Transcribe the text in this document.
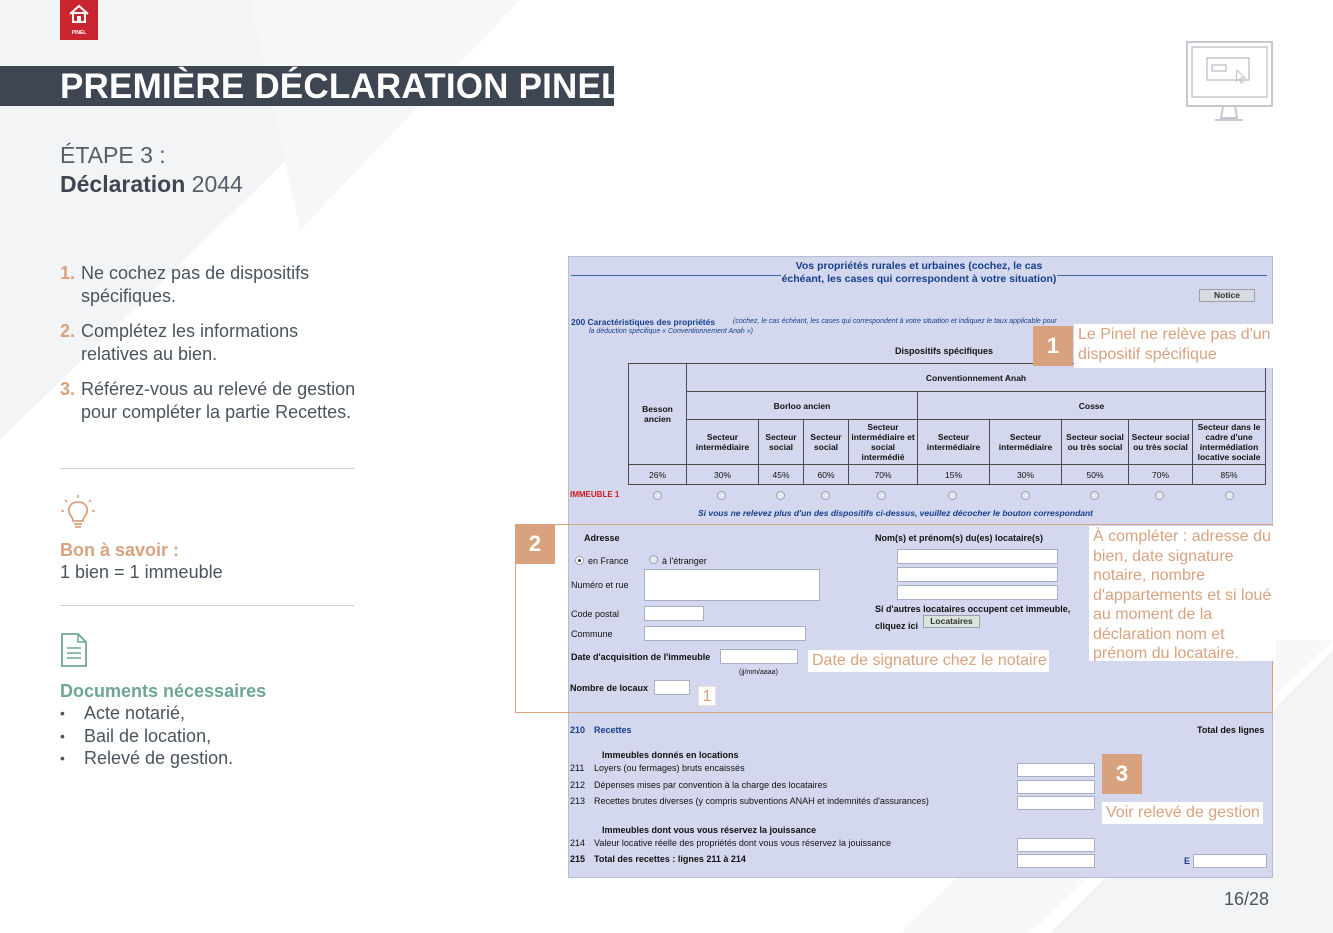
PINEL
PREMIÈRE DÉCLARATION PINEL
ÉTAPE 3 :
Déclaration 2044
1. Ne cochez pas de dispositifs spécifiques.
2. Complétez les informations relatives au bien.
3. Référez-vous au relevé de gestion pour compléter la partie Recettes.
Bon à savoir :
1 bien = 1 immeuble
Documents nécessaires
• Acte notarié,
• Bail de location,
• Relevé de gestion.
16/28
Vos propriétés rurales et urbaines (cochez, le cas échéant, les cases qui correspondent à votre situation)
Notice
200 Caractéristiques des propriétés	(cochez, le cas échéant, les cases qui correspondent à votre situation et indiquez le taux applicable pour
la déduction spécifique « Conventionnement Anah »)
Dispositifs spécifiques
Besson ancien	Conventionnement Anah								
	Borloo ancien				Cosse				
	Secteur intermédiaire	Secteur social	Secteur social	Secteur intermédiaire et social intermédié	Secteur intermédiaire	Secteur intermédiaire	Secteur social ou très social	Secteur social ou très social	Secteur dans le cadre d'une intermédiation locative sociale
26%	30%	45%	60%	70%	15%	30%	50%	70%	85%
IMMEUBLE 1
Si vous ne relevez plus d'un des dispositifs ci-dessus, veuillez décocher le bouton correspondant
Adresse
en France	à l'étranger
Numéro et rue
Code postal
Commune
Date d'acquisition de l'immeuble
(jj/mm/aaaa)
Nombre de locaux
Nom(s) et prénom(s) du(es) locataire(s)
Si d'autres locataires occupent cet immeuble,
cliquez ici	Locataires
210 Recettes	Total des lignes
Immeubles donnés en locations
211 Loyers (ou fermages) bruts encaissés
212 Dépenses mises par convention à la charge des locataires
213 Recettes brutes diverses (y compris subventions ANAH et indemnités d'assurances)
Immeubles dont vous vous réservez la jouissance
214 Valeur locative réelle des propriétés dont vous vous réservez la jouissance
215 Total des recettes : lignes 211 à 214	E
1	Le Pinel ne relève pas d'un dispositif spécifique
2	À compléter : adresse du bien, date signature notaire, nombre d'appartements et si loué au moment de la déclaration nom et prénom du locataire.
Date de signature chez le notaire
1
3
Voir relevé de gestion
